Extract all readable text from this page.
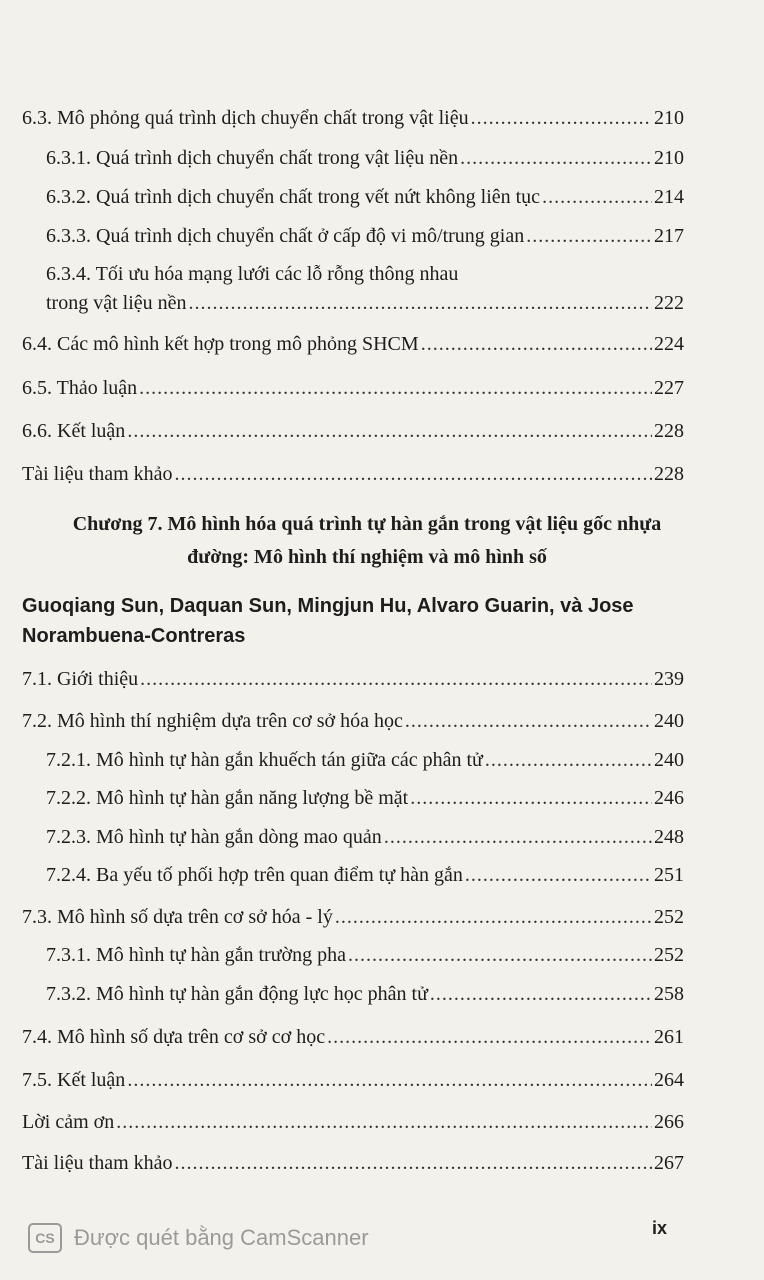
6.3. Mô phỏng quá trình dịch chuyển chất trong vật liệu .....	210
6.3.1. Quá trình dịch chuyển chất trong vật liệu nền .....	210
6.3.2. Quá trình dịch chuyển chất trong vết nứt không liên tục .....	214
6.3.3. Quá trình dịch chuyển chất ở cấp độ vi mô/trung gian .....	217
6.3.4. Tối ưu hóa mạng lưới các lỗ rỗng thông nhau
trong vật liệu nền .....	222
6.4. Các mô hình kết hợp trong mô phỏng SHCM .....	224
6.5. Thảo luận .....	227
6.6. Kết luận .....	228
Tài liệu tham khảo .....	228
Chương 7. Mô hình hóa quá trình tự hàn gắn trong vật liệu gốc nhựa
đường: Mô hình thí nghiệm và mô hình số
Guoqiang Sun, Daquan Sun, Mingjun Hu, Alvaro Guarin, và Jose
Norambuena-Contreras
7.1. Giới thiệu .....	239
7.2. Mô hình thí nghiệm dựa trên cơ sở hóa học .....	240
7.2.1. Mô hình tự hàn gắn khuếch tán giữa các phân tử .....	240
7.2.2. Mô hình tự hàn gắn năng lượng bề mặt .....	246
7.2.3. Mô hình tự hàn gắn dòng mao quản .....	248
7.2.4. Ba yếu tố phối hợp trên quan điểm tự hàn gắn .....	251
7.3. Mô hình số dựa trên cơ sở hóa - lý .....	252
7.3.1. Mô hình tự hàn gắn trường pha .....	252
7.3.2. Mô hình tự hàn gắn động lực học phân tử .....	258
7.4. Mô hình số dựa trên cơ sở cơ học .....	261
7.5. Kết luận .....	264
Lời cảm ơn .....	266
Tài liệu tham khảo .....	267
CS Được quét bằng CamScanner	ix
